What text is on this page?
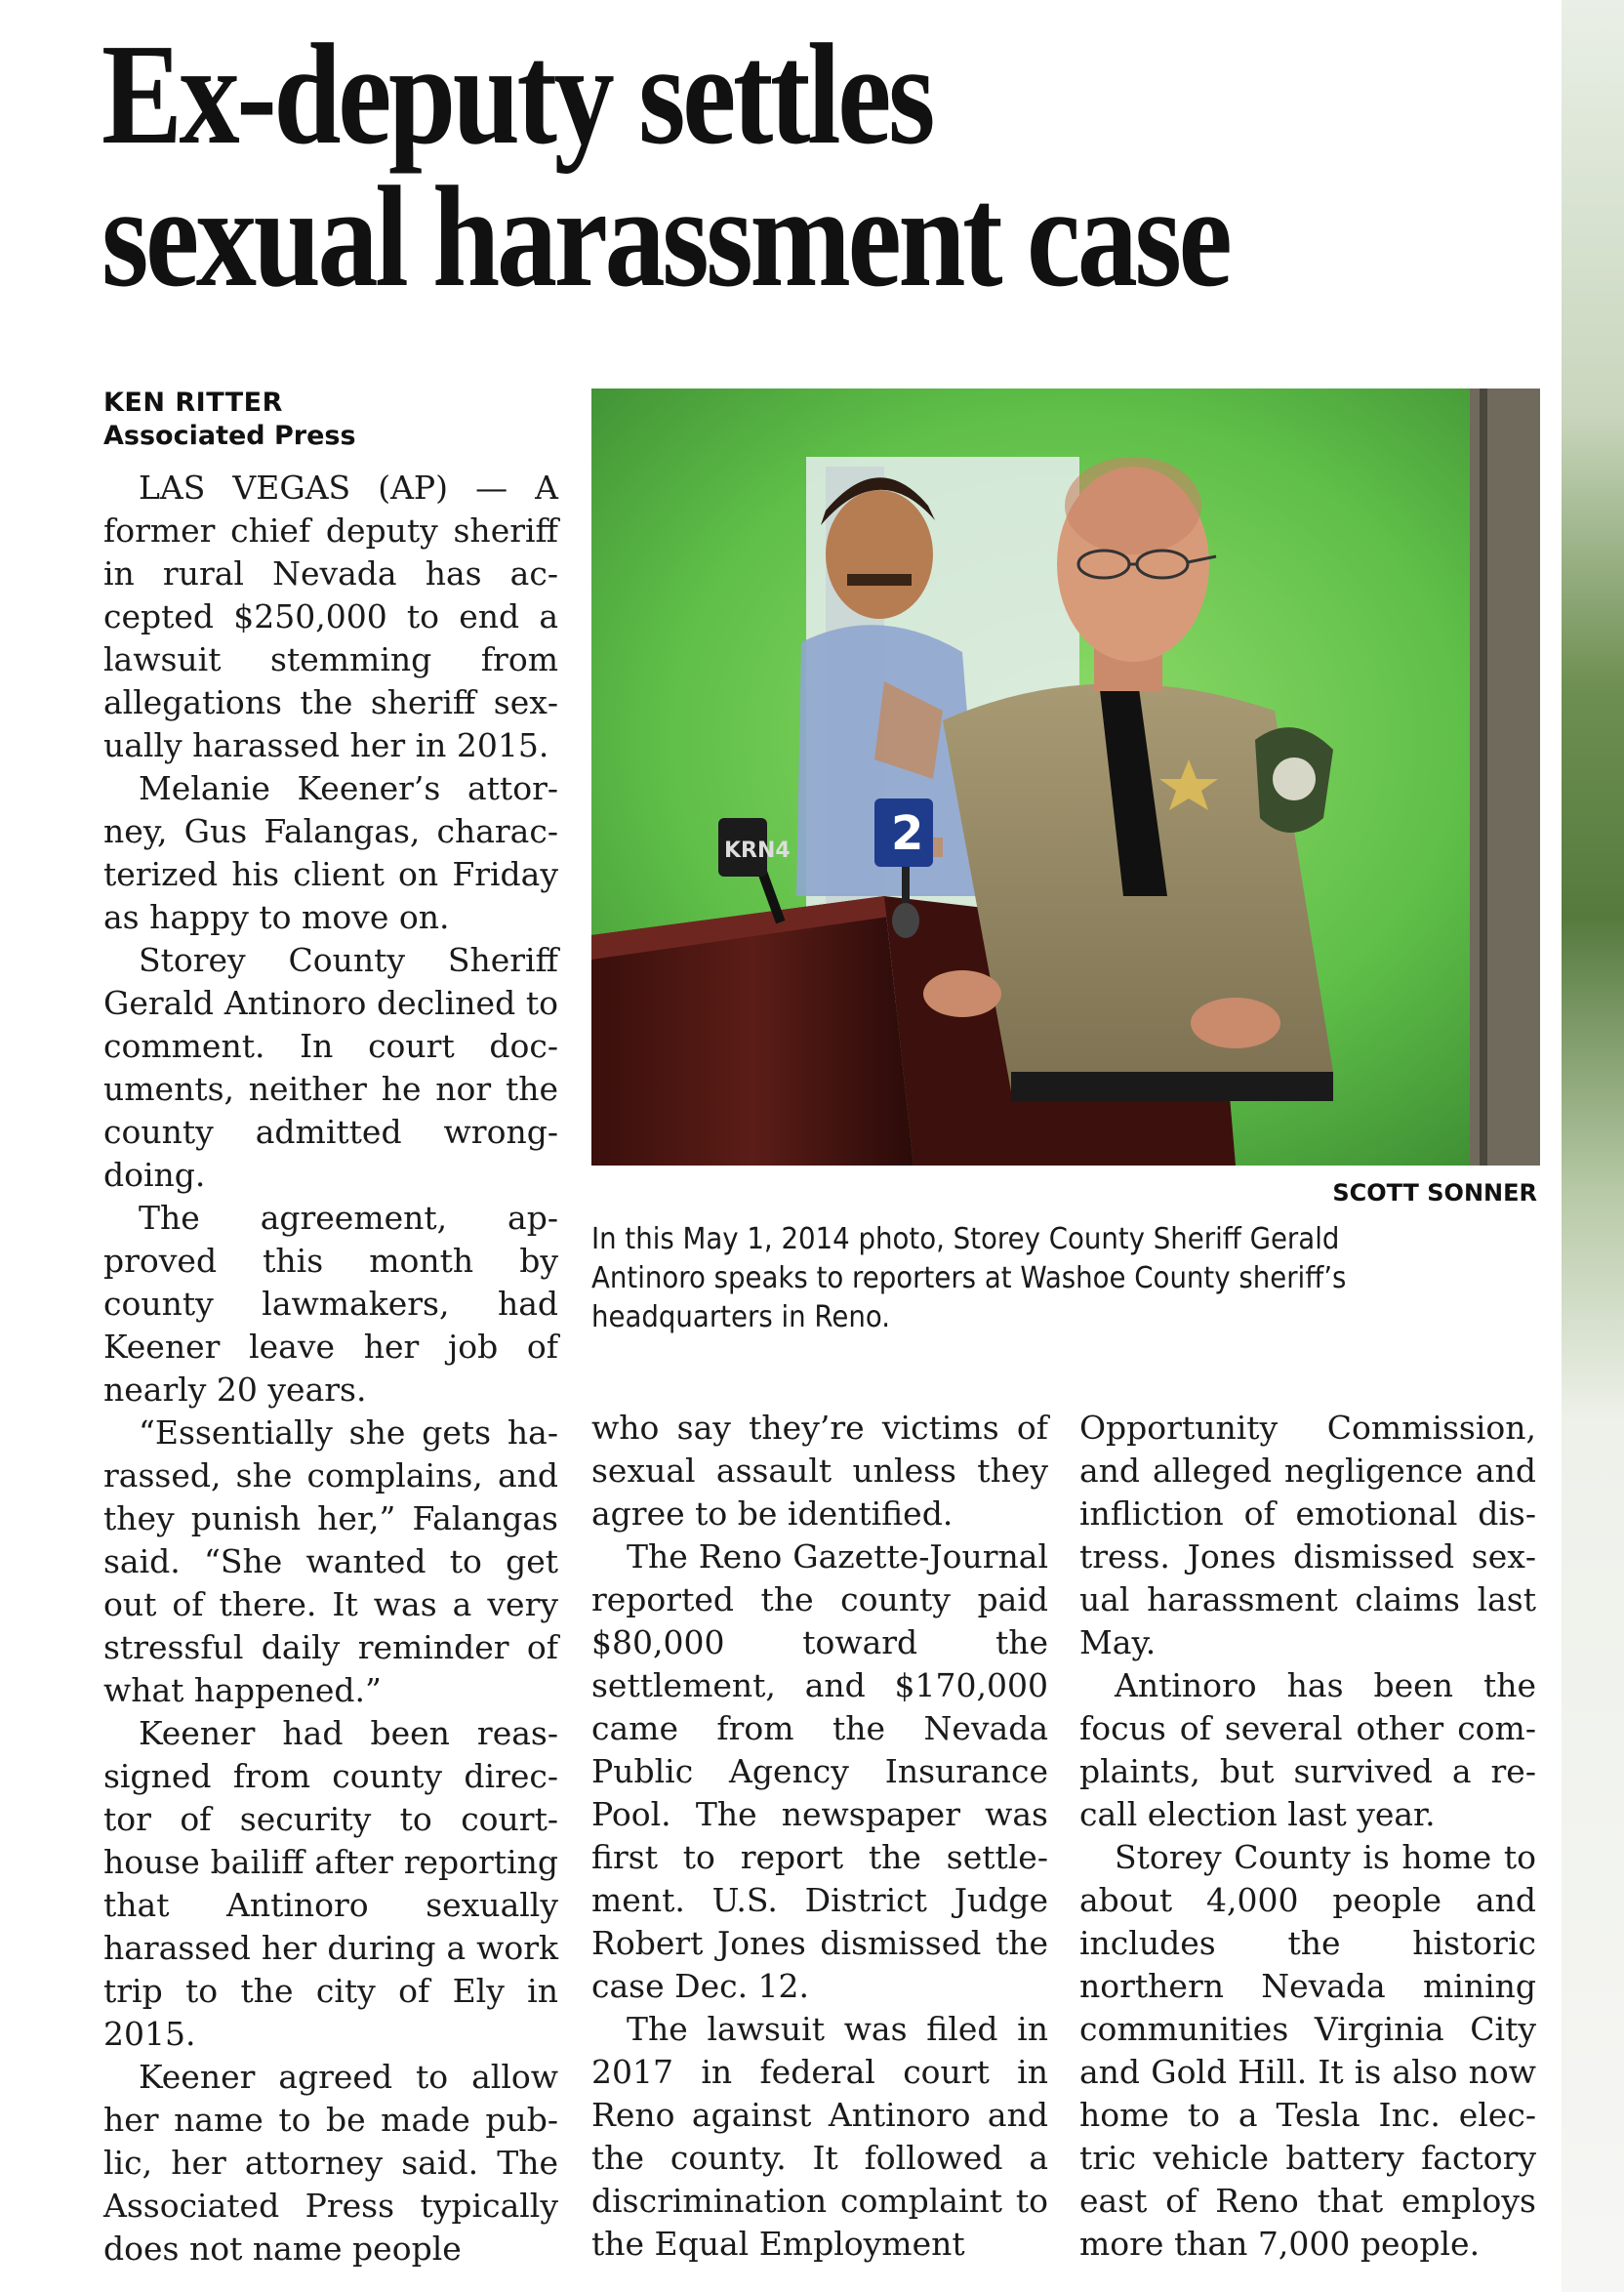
Ex-deputy settles
sexual harassment case
KEN RITTER
Associated Press

LAS VEGAS (AP) — A former chief deputy sheriff in rural Nevada has accepted $250,000 to end a lawsuit stemming from allegations the sheriff sexually harassed her in 2015.

Melanie Keener’s attorney, Gus Falangas, characterized his client on Friday as happy to move on.

Storey County Sheriff Gerald Antinoro declined to comment. In court documents, neither he nor the county admitted wrongdoing.

The agreement, approved this month by county lawmakers, had Keener leave her job of nearly 20 years.

“Essentially she gets harassed, she complains, and they punish her,” Falangas said. “She wanted to get out of there. It was a very stressful daily reminder of what happened.”

Keener had been reassigned from county director of security to courthouse bailiff after reporting that Antinoro sexually harassed her during a work trip to the city of Ely in 2015.

Keener agreed to allow her name to be made public, her attorney said. The Associated Press typically does not name people

KRN4 2
SCOTT SONNER
In this May 1, 2014 photo, Storey County Sheriff Gerald Antinoro speaks to reporters at Washoe County sheriff’s headquarters in Reno.

who say they’re victims of sexual assault unless they agree to be identified.

The Reno Gazette-Journal reported the county paid $80,000 toward the settlement, and $170,000 came from the Nevada Public Agency Insurance Pool. The newspaper was first to report the settlement. U.S. District Judge Robert Jones dismissed the case Dec. 12.

The lawsuit was filed in 2017 in federal court in Reno against Antinoro and the county. It followed a discrimination complaint to the Equal Employment

Opportunity Commission, and alleged negligence and infliction of emotional distress. Jones dismissed sexual harassment claims last May.

Antinoro has been the focus of several other complaints, but survived a recall election last year.

Storey County is home to about 4,000 people and includes the historic northern Nevada mining communities Virginia City and Gold Hill. It is also now home to a Tesla Inc. electric vehicle battery factory east of Reno that employs more than 7,000 people.
